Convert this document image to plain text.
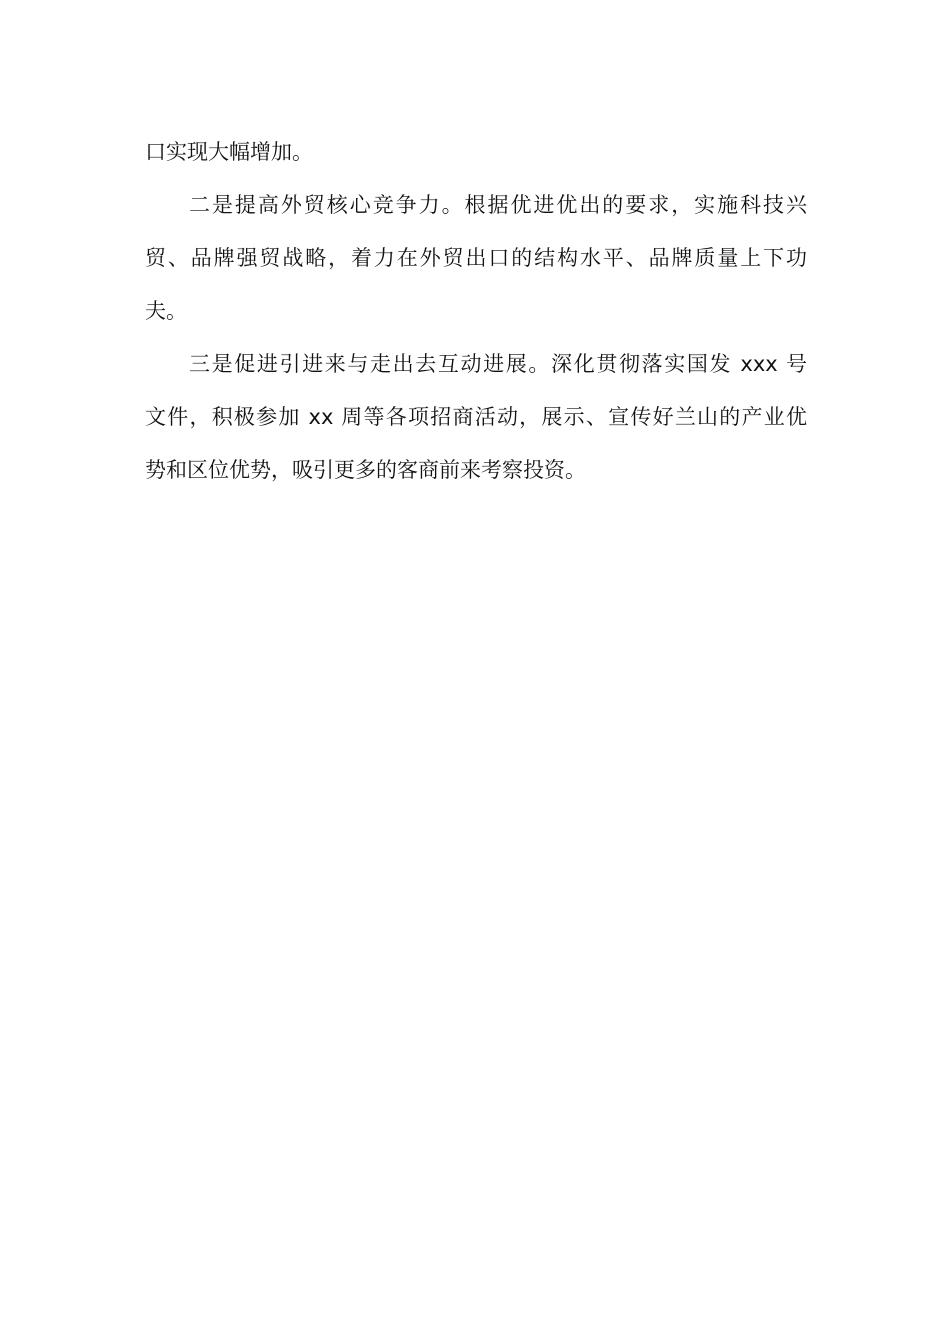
口实现大幅增加。
二是提高外贸核心竞争力。根据优进优出的要求，实施科技兴
贸、品牌强贸战略，着力在外贸出口的结构水平、品牌质量上下功
夫。
三是促进引进来与走出去互动进展。深化贯彻落实国发 xxx 号
文件，积极参加 xx 周等各项招商活动，展示、宣传好兰山的产业优
势和区位优势，吸引更多的客商前来考察投资。
